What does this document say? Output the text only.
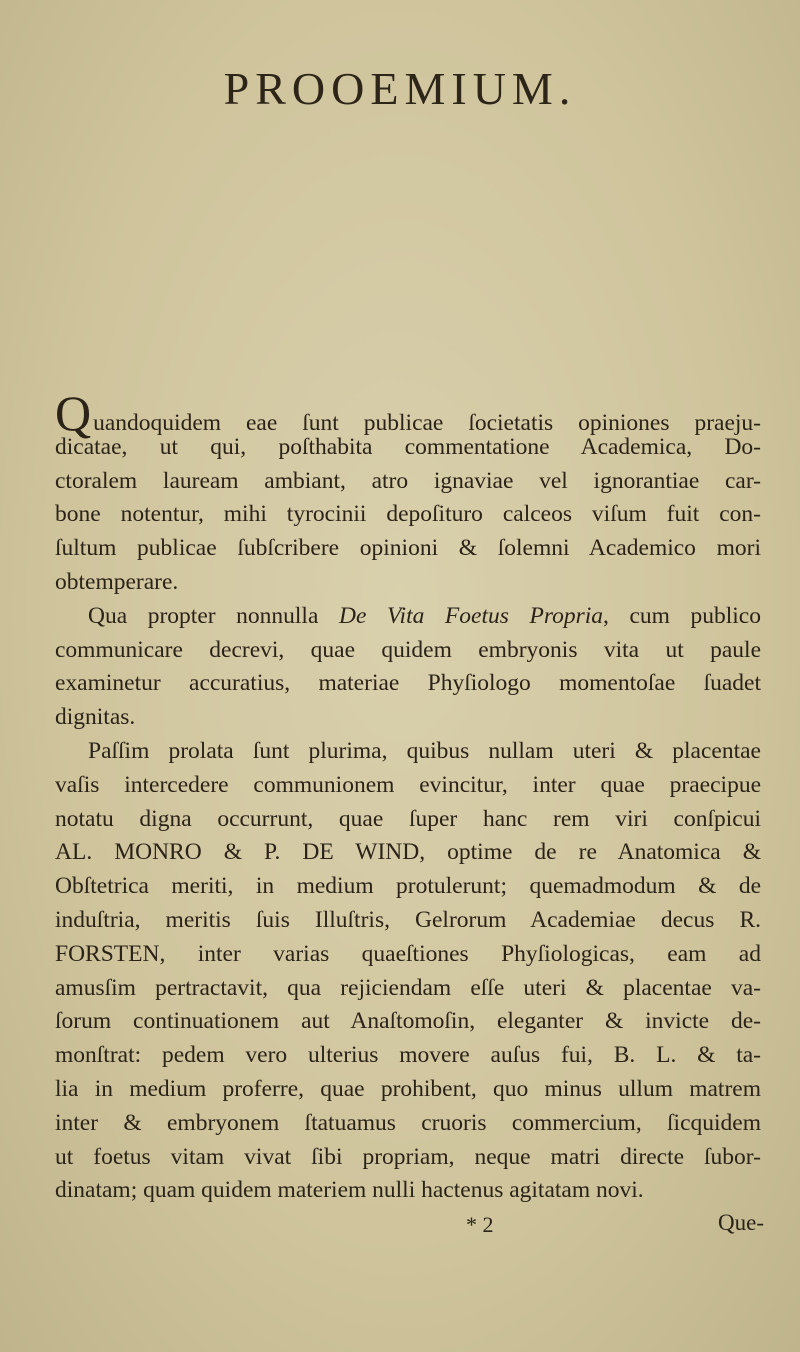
PROOEMIUM.
Quandoquidem eae ſunt publicae ſocietatis opiniones praeju-
dicatae, ut qui, poſthabita commentatione Academica, Do-
ctoralem lauream ambiant, atro ignaviae vel ignorantiae car-
bone notentur, mihi tyrocinii depoſituro calceos viſum fuit con-
ſultum publicae ſubſcribere opinioni & ſolemni Academico mori
obtemperare.
Qua propter nonnulla De Vita Foetus Propria, cum publico
communicare decrevi, quae quidem embryonis vita ut paule
examinetur accuratius, materiae Phyſiologo momentoſae ſuadet
dignitas.
Paſſim prolata ſunt plurima, quibus nullam uteri & placentae
vaſis intercedere communionem evincitur, inter quae praecipue
notatu digna occurrunt, quae ſuper hanc rem viri conſpicui
AL. MONRO & P. DE WIND, optime de re Anatomica &
Obſtetrica meriti, in medium protulerunt; quemadmodum & de
induſtria, meritis ſuis Illuſtris, Gelrorum Academiae decus R.
FORSTEN, inter varias quaeſtiones Phyſiologicas, eam ad
amusſim pertractavit, qua rejiciendam eſſe uteri & placentae va-
ſorum continuationem aut Anaſtomoſin, eleganter & invicte de-
monſtrat: pedem vero ulterius movere auſus fui, B. L. & ta-
lia in medium proferre, quae prohibent, quo minus ullum matrem
inter & embryonem ſtatuamus cruoris commercium, ſicquidem
ut foetus vitam vivat ſibi propriam, neque matri directe ſubor-
dinatam; quam quidem materiem nulli hactenus agitatam novi.
* 2	Que-
